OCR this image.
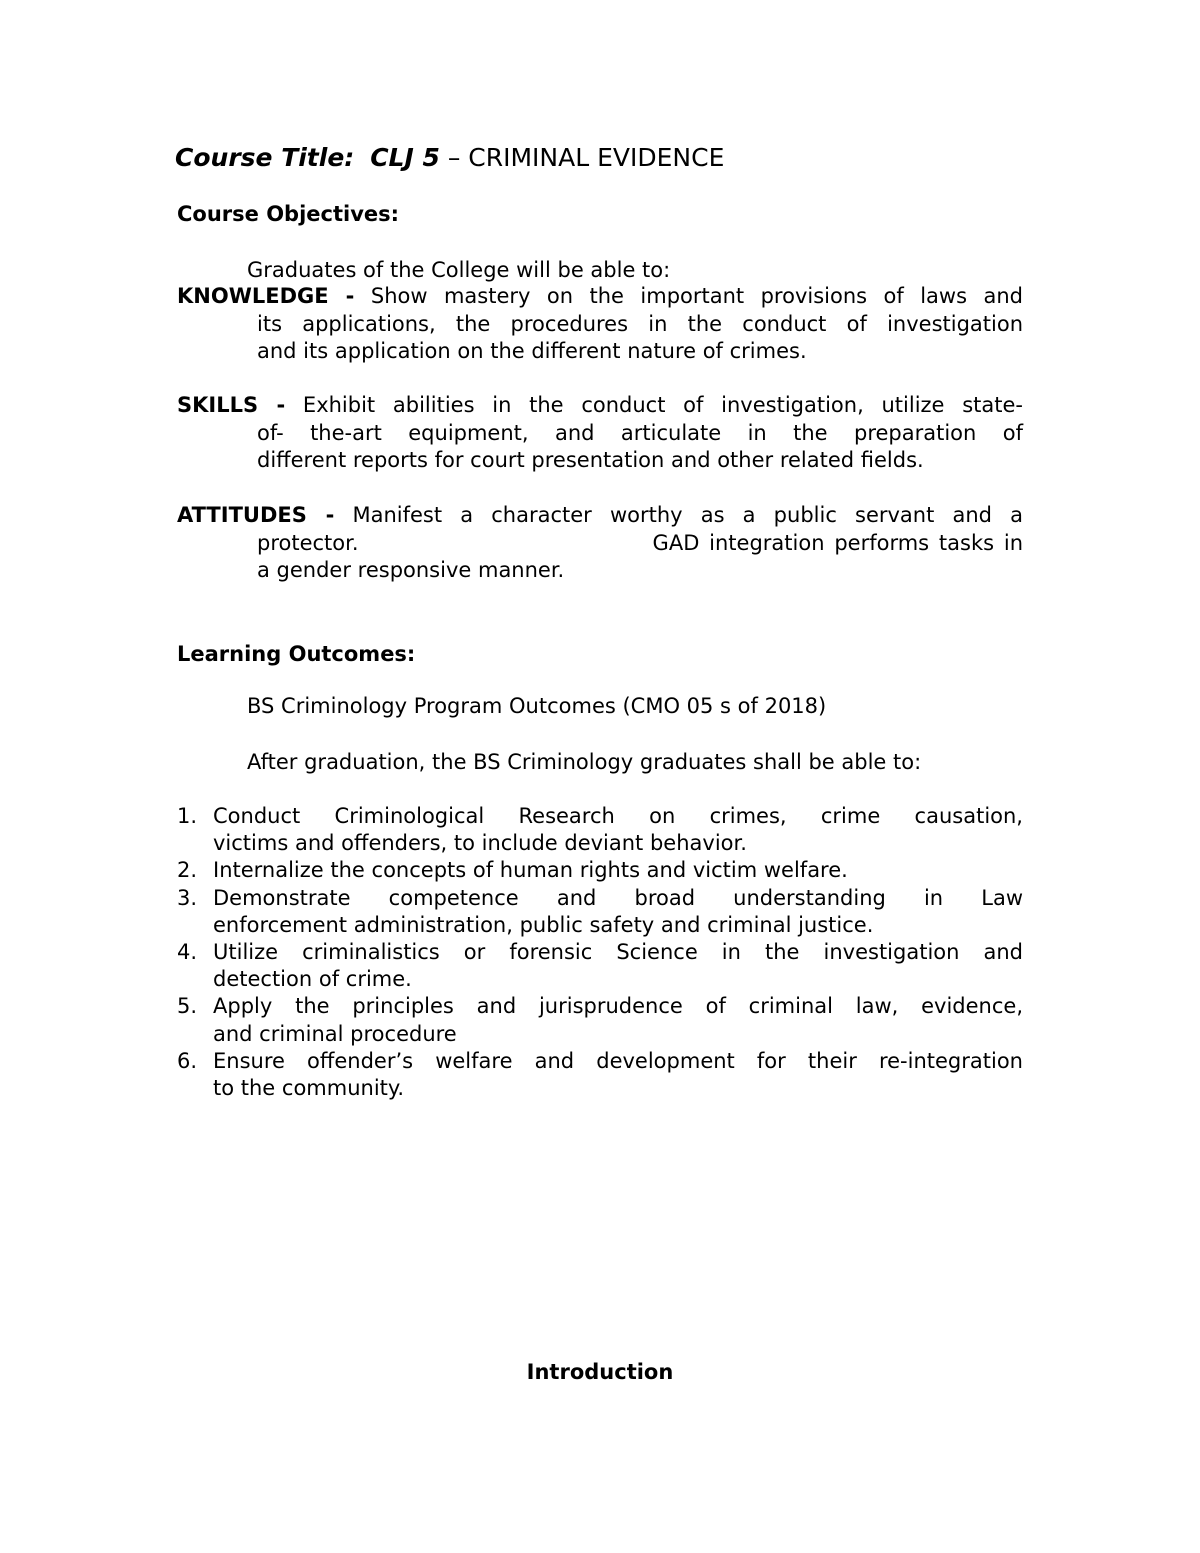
Course Title: CLJ 5 – CRIMINAL EVIDENCE
Course Objectives:
Graduates of the College will be able to:
KNOWLEDGE - Show mastery on the important provisions of laws and
its applications, the procedures in the conduct of investigation
and its application on the different nature of crimes.
SKILLS - Exhibit abilities in the conduct of investigation, utilize state-
of- the-art equipment, and articulate in the preparation of
different reports for court presentation and other related fields.
ATTITUDES - Manifest a character worthy as a public servant and a
protector.                              GAD integration performs tasks in
a gender responsive manner.
Learning Outcomes:
BS Criminology Program Outcomes (CMO 05 s of 2018)
After graduation, the BS Criminology graduates shall be able to:
1. Conduct Criminological Research on crimes, crime causation,
victims and offenders, to include deviant behavior.
2. Internalize the concepts of human rights and victim welfare.
3. Demonstrate competence and broad understanding in Law
enforcement administration, public safety and criminal justice.
4. Utilize criminalistics or forensic Science in the investigation and
detection of crime.
5. Apply the principles and jurisprudence of criminal law, evidence,
and criminal procedure
6. Ensure offender’s welfare and development for their re-integration
to the community.
Introduction
